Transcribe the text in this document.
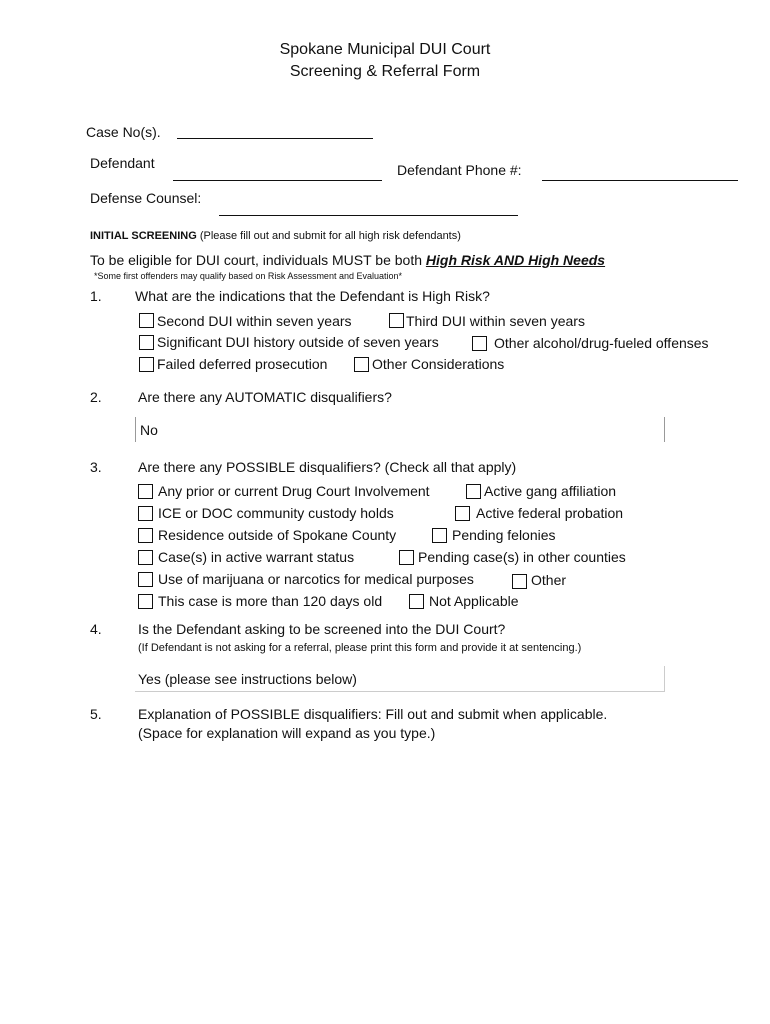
Spokane Municipal DUI Court
Screening & Referral Form
Case No(s).
Defendant	Defendant Phone #:
Defense Counsel:
INITIAL SCREENING (Please fill out and submit for all high risk defendants)
To be eligible for DUI court, individuals MUST be both High Risk AND High Needs
*Some first offenders may qualify based on Risk Assessment and Evaluation*
1. What are the indications that the Defendant is High Risk?
Second DUI within seven years	Third DUI within seven years
Significant DUI history outside of seven years	Other alcohol/drug-fueled offenses
Failed deferred prosecution	Other Considerations
2.	Are there any AUTOMATIC disqualifiers?
No
3.	Are there any POSSIBLE disqualifiers? (Check all that apply)
Any prior or current Drug Court Involvement	Active gang affiliation
ICE or DOC community custody holds	Active federal probation
Residence outside of Spokane County	Pending felonies
Case(s) in active warrant status	Pending case(s) in other counties
Use of marijuana or narcotics for medical purposes	Other
This case is more than 120 days old	Not Applicable
4.	Is the Defendant asking to be screened into the DUI Court?
(If Defendant is not asking for a referral, please print this form and provide it at sentencing.)
Yes (please see instructions below)
5.	Explanation of POSSIBLE disqualifiers: Fill out and submit when applicable.
(Space for explanation will expand as you type.)
